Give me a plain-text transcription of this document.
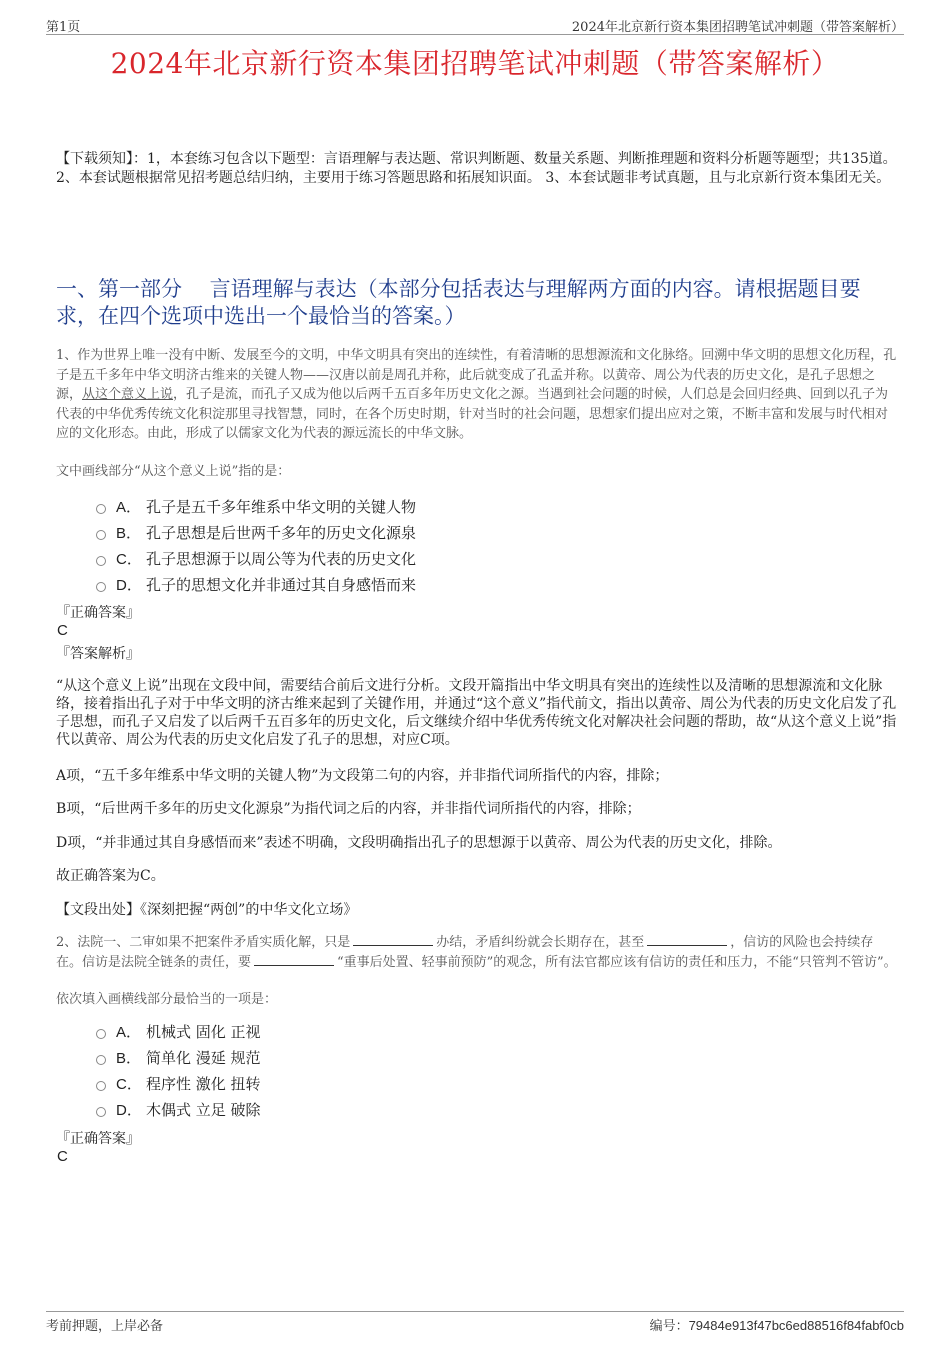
第1页	2024年北京新行资本集团招聘笔试冲刺题（带答案解析）
2024年北京新行资本集团招聘笔试冲刺题（带答案解析）
【下载须知】：1，本套练习包含以下题型：言语理解与表达题、常识判断题、数量关系题、判断推理题和资料分析题等题型；共135道。 2、本套试题根据常见招考题总结归纳，主要用于练习答题思路和拓展知识面。 3、本套试题非考试真题，且与北京新行资本集团无关。
一、第一部分　 言语理解与表达（本部分包括表达与理解两方面的内容。请根据题目要求，在四个选项中选出一个最恰当的答案。）
1、作为世界上唯一没有中断、发展至今的文明，中华文明具有突出的连续性，有着清晰的思想源流和文化脉络。回溯中华文明的思想文化历程，孔子是五千多年中华文明济古维来的关键人物——汉唐以前是周孔并称，此后就变成了孔孟并称。以黄帝、周公为代表的历史文化，是孔子思想之源，从这个意义上说，孔子是流，而孔子又成为他以后两千五百多年历史文化之源。当遇到社会问题的时候，人们总是会回归经典、回到以孔子为代表的中华优秀传统文化积淀那里寻找智慧，同时，在各个历史时期，针对当时的社会问题，思想家们提出应对之策，不断丰富和发展与时代相对应的文化形态。由此，形成了以儒家文化为代表的源远流长的中华文脉。
文中画线部分“从这个意义上说”指的是：
A． 孔子是五千多年维系中华文明的关键人物
B． 孔子思想是后世两千多年的历史文化源泉
C． 孔子思想源于以周公等为代表的历史文化
D． 孔子的思想文化并非通过其自身感悟而来
『正确答案』
C
『答案解析』
“从这个意义上说”出现在文段中间，需要结合前后文进行分析。文段开篇指出中华文明具有突出的连续性以及清晰的思想源流和文化脉络，接着指出孔子对于中华文明的济古维来起到了关键作用，并通过“这个意义”指代前文，指出以黄帝、周公为代表的历史文化启发了孔子思想，而孔子又启发了以后两千五百多年的历史文化，后文继续介绍中华优秀传统文化对解决社会问题的帮助，故“从这个意义上说”指代以黄帝、周公为代表的历史文化启发了孔子的思想，对应C项。
A项，“五千多年维系中华文明的关键人物”为文段第二句的内容，并非指代词所指代的内容，排除；
B项，“后世两千多年的历史文化源泉”为指代词之后的内容，并非指代词所指代的内容，排除；
D项，“并非通过其自身感悟而来”表述不明确，文段明确指出孔子的思想源于以黄帝、周公为代表的历史文化，排除。
故正确答案为C。
【文段出处】《深刻把握“两创”的中华文化立场》
2、法院一、二审如果不把案件矛盾实质化解，只是	办结，矛盾纠纷就会长期存在，甚至	，信访的风险也会持续存在。信访是法院全链条的责任，要	“重事后处置、轻事前预防”的观念，所有法官都应该有信访的责任和压力，不能“只管判不管访”。
依次填入画横线部分最恰当的一项是：
A． 机械式 固化 正视
B． 简单化 漫延 规范
C． 程序性 激化 扭转
D． 木偶式 立足 破除
『正确答案』
C
考前押题，上岸必备	编号：79484e913f47bc6ed88516f84fabf0cb
